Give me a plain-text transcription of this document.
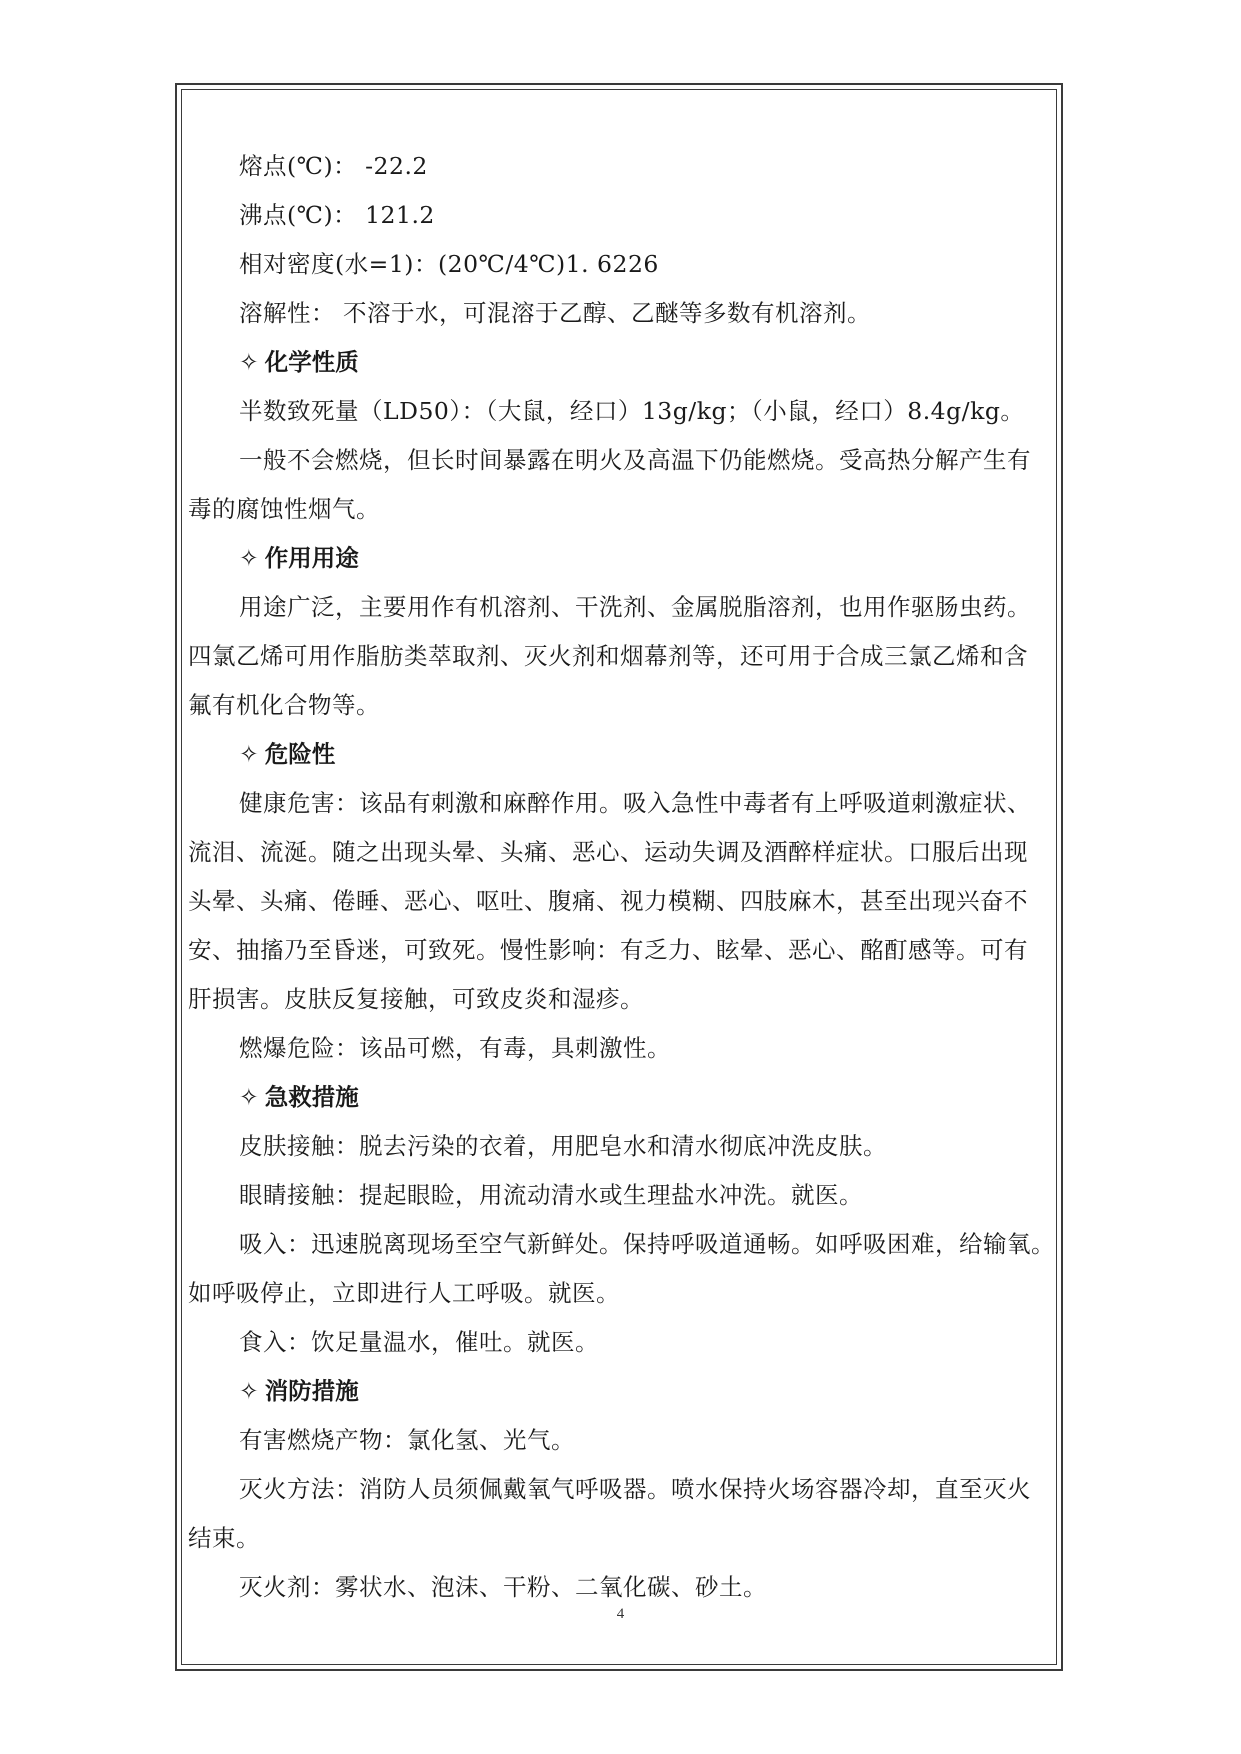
熔点(℃)： -22.2

沸点(℃)： 121.2

相对密度(水=1)：(20℃/4℃)1. 6226

溶解性： 不溶于水，可混溶于乙醇、乙醚等多数有机溶剂。

✧ 化学性质

半数致死量（LD50）：（大鼠，经口）13g/kg；（小鼠，经口）8.4g/kg。

一般不会燃烧，但长时间暴露在明火及高温下仍能燃烧。受高热分解产生有

毒的腐蚀性烟气。

✧ 作用用途

用途广泛，主要用作有机溶剂、干洗剂、金属脱脂溶剂，也用作驱肠虫药。

四氯乙烯可用作脂肪类萃取剂、灭火剂和烟幕剂等，还可用于合成三氯乙烯和含

氟有机化合物等。

✧ 危险性

健康危害：该品有刺激和麻醉作用。吸入急性中毒者有上呼吸道刺激症状、

流泪、流涎。随之出现头晕、头痛、恶心、运动失调及酒醉样症状。口服后出现

头晕、头痛、倦睡、恶心、呕吐、腹痛、视力模糊、四肢麻木，甚至出现兴奋不

安、抽搐乃至昏迷，可致死。慢性影响：有乏力、眩晕、恶心、酩酊感等。可有

肝损害。皮肤反复接触，可致皮炎和湿疹。

燃爆危险：该品可燃，有毒，具刺激性。

✧ 急救措施

皮肤接触：脱去污染的衣着，用肥皂水和清水彻底冲洗皮肤。

眼睛接触：提起眼睑，用流动清水或生理盐水冲洗。就医。

吸入：迅速脱离现场至空气新鲜处。保持呼吸道通畅。如呼吸困难，给输氧。

如呼吸停止，立即进行人工呼吸。就医。

食入：饮足量温水，催吐。就医。

✧ 消防措施

有害燃烧产物：氯化氢、光气。

灭火方法：消防人员须佩戴氧气呼吸器。喷水保持火场容器冷却，直至灭火

结束。

灭火剂：雾状水、泡沫、干粉、二氧化碳、砂土。

4
